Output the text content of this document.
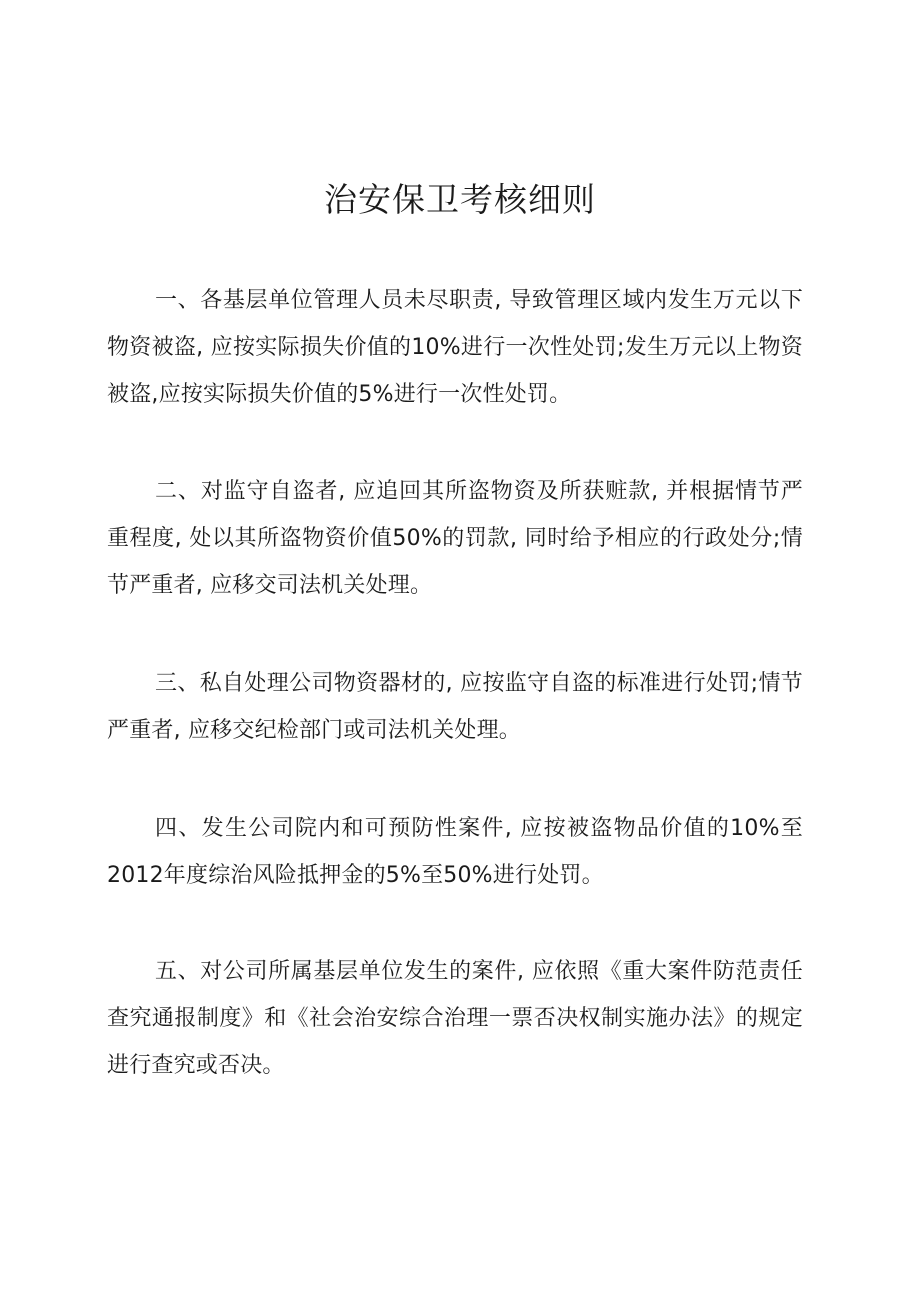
治安保卫考核细则

一、各基层单位管理人员未尽职责, 导致管理区域内发生万元以下物资被盗, 应按实际损失价值的10%进行一次性处罚;发生万元以上物资被盗,应按实际损失价值的5%进行一次性处罚。

二、对监守自盗者, 应追回其所盗物资及所获赃款, 并根据情节严重程度, 处以其所盗物资价值50%的罚款, 同时给予相应的行政处分;情节严重者, 应移交司法机关处理。

三、私自处理公司物资器材的, 应按监守自盗的标准进行处罚;情节严重者, 应移交纪检部门或司法机关处理。

四、发生公司院内和可预防性案件, 应按被盗物品价值的10%至2012年度综治风险抵押金的5%至50%进行处罚。

五、对公司所属基层单位发生的案件, 应依照《重大案件防范责任查究通报制度》和《社会治安综合治理一票否决权制实施办法》的规定进行查究或否决。
